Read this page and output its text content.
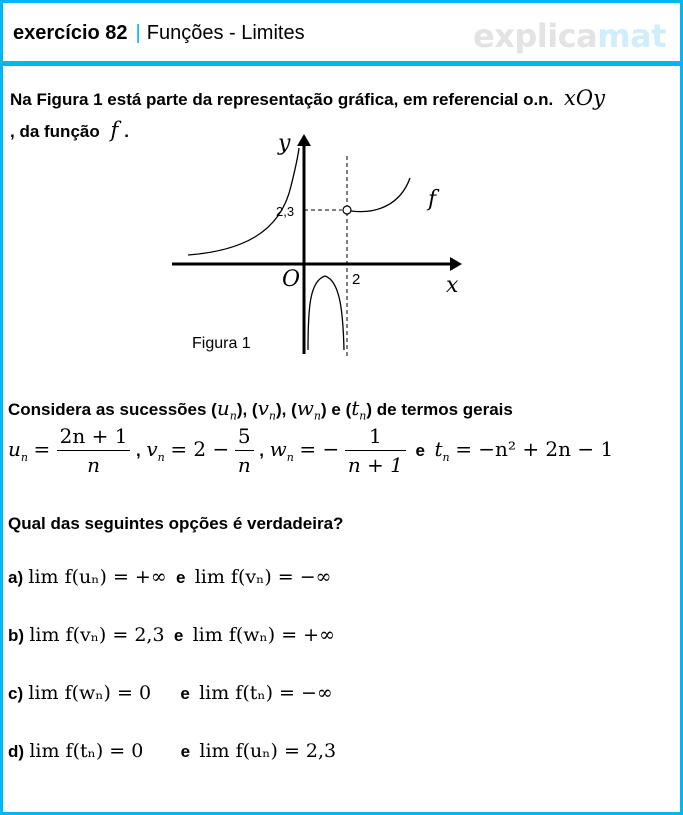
exercício 82 | Funções - Limites	explicamat
Na Figura 1 está parte da representação gráfica, em referencial o.n. xOy
, da função f .	y
x
O	2
2,3	f
Figura 1
Considera as sucessões $(u_n)$, $(v_n)$, $(w_n)$ e $(t_n)$ de termos gerais
$u_n = \frac{2n + 1}{n}$ , $v_n = 2 - \frac{5}{n}$ , $w_n$ = − $\frac{1}{n + 1}$ e $t_n = -n^2 + 2n - 1$
Qual das seguintes opções é verdadeira?
a) lim f(uₙ) = +∞ e lim f(vₙ) = −∞
b) lim f(vₙ) = 2,3 e lim f(wₙ) = +∞
c) lim f(wₙ) = 0 e lim f(tₙ) = −∞
d) lim f(tₙ) = 0 e lim f(uₙ) = 2,3
